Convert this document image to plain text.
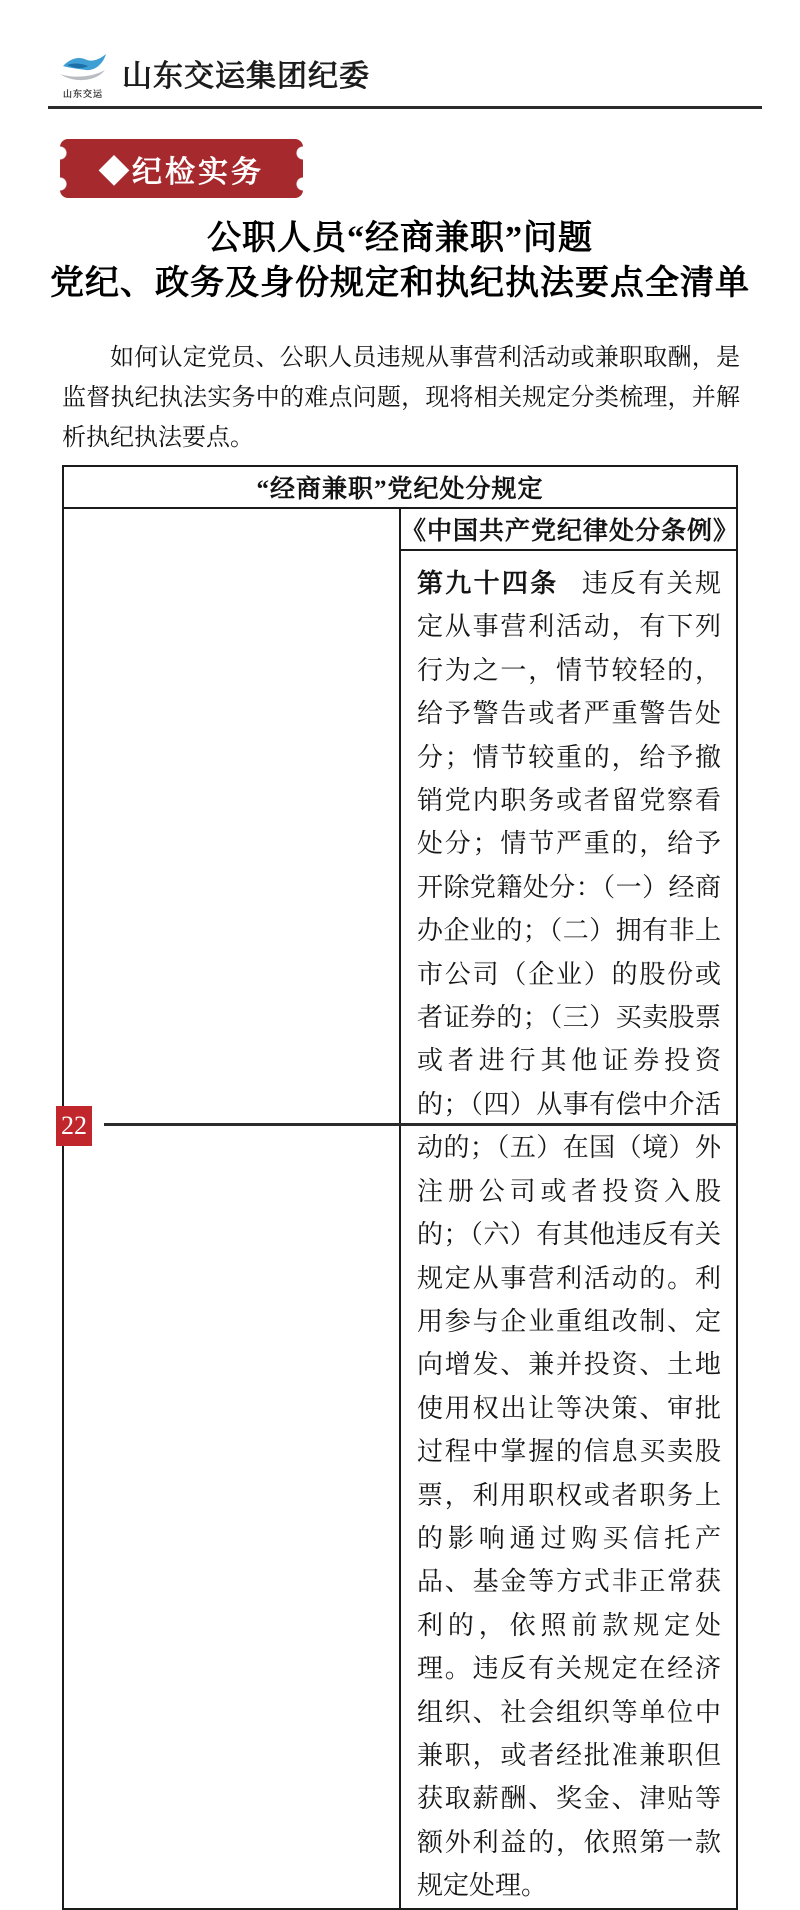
山东交运
山东交运集团纪委
◆纪检实务
公职人员“经商兼职”问题
党纪、政务及身份规定和执纪执法要点全清单

如何认定党员、公职人员违规从事营利活动或兼职取酬，是监督执纪执法实务中的难点问题，现将相关规定分类梳理，并解析执纪执法要点。

“经商兼职”党纪处分规定
	《中国共产党纪律处分条例》
第九十四条 违反有关规定从事营利活动，有下列行为之一，情节较轻的，给予警告或者严重警告处分；情节较重的，给予撤销党内职务或者留党察看处分；情节严重的，给予开除党籍处分：（一）经商办企业的；（二）拥有非上市公司（企业）的股份或者证券的；（三）买卖股票或者进行其他证券投资的；（四）从事有偿中介活动的；（五）在国（境）外注册公司或者投资入股的；（六）有其他违反有关规定从事营利活动的。利用参与企业重组改制、定向增发、兼并投资、土地使用权出让等决策、审批过程中掌握的信息买卖股票，利用职权或者职务上的影响通过购买信托产品、基金等方式非正常获利的，依照前款规定处理。违反有关规定在经济组织、社会组织等单位中兼职，或者经批准兼职但获取薪酬、奖金、津贴等额外利益的，依照第一款规定处理。
22
